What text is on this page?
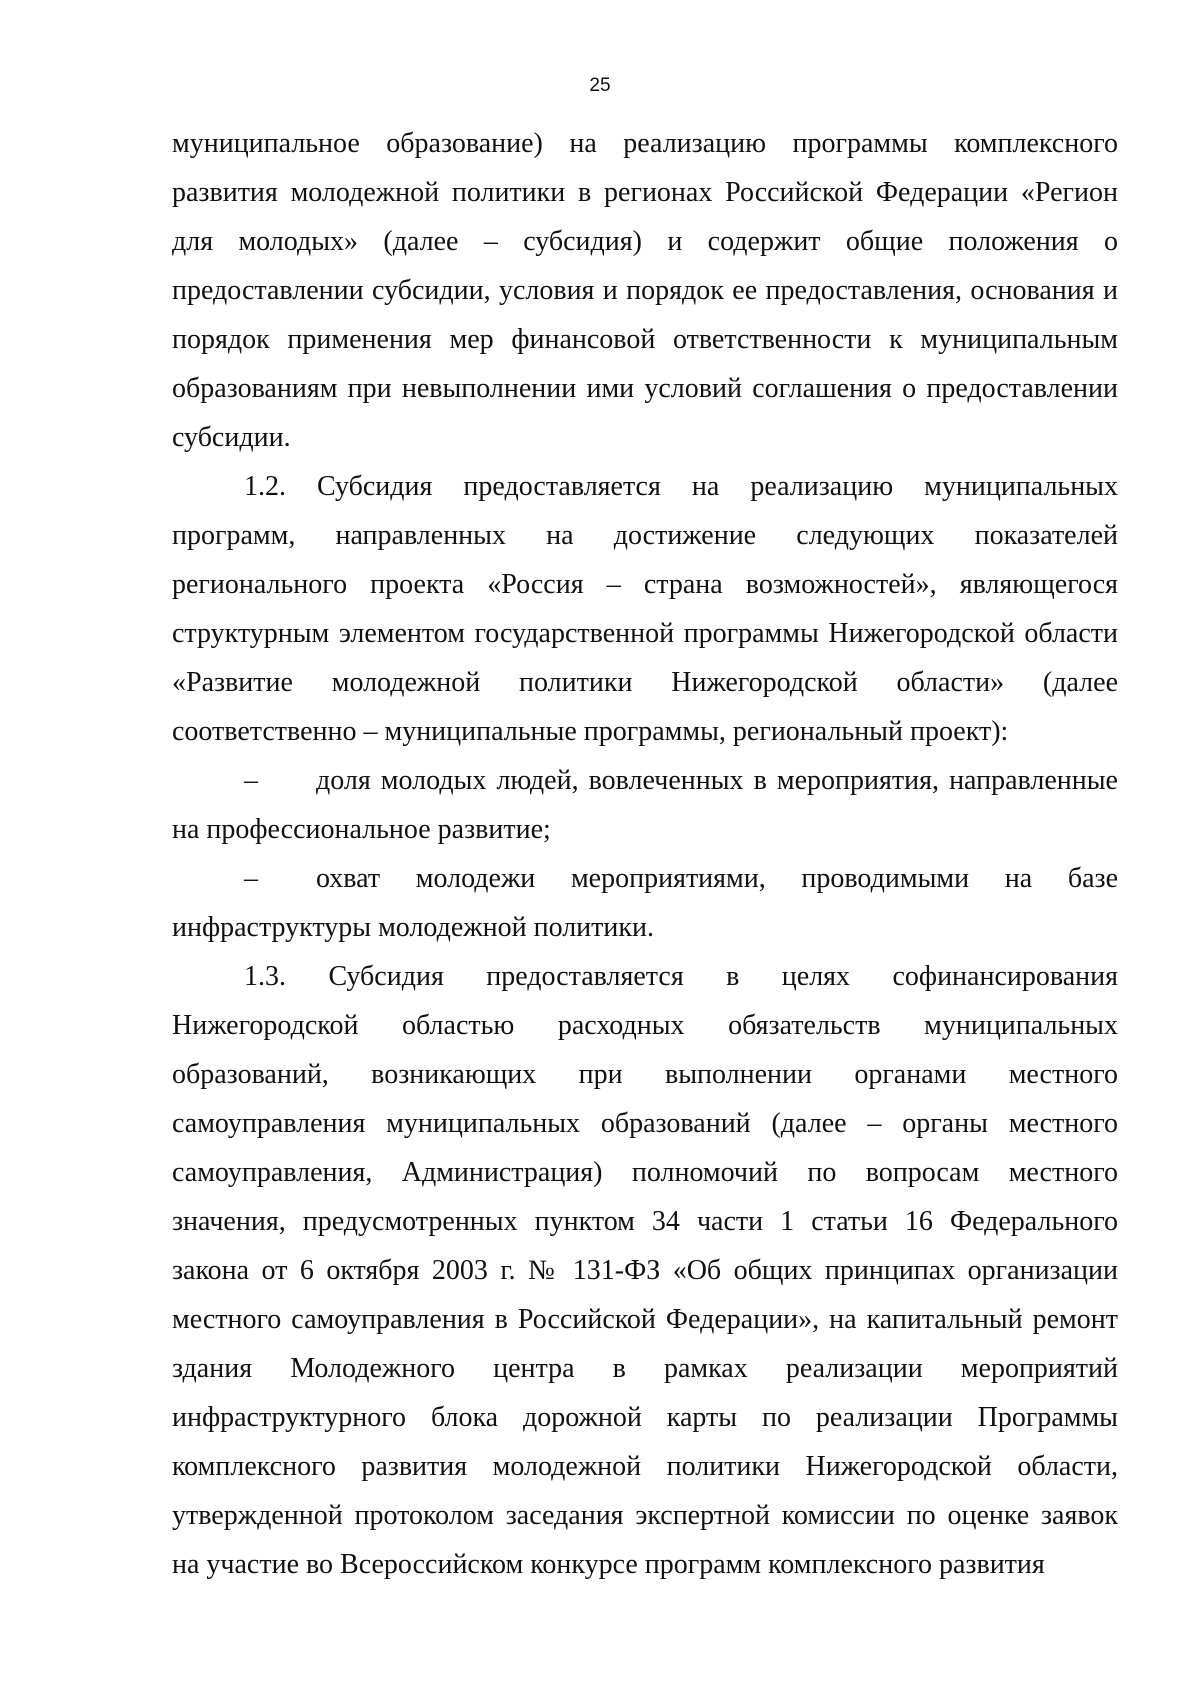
25

муниципальное образование) на реализацию программы комплексного развития молодежной политики в регионах Российской Федерации «Регион для молодых» (далее – субсидия) и содержит общие положения о предоставлении субсидии, условия и порядок ее предоставления, основания и порядок применения мер финансовой ответственности к муниципальным образованиям при невыполнении ими условий соглашения о предоставлении субсидии.

1.2. Субсидия предоставляется на реализацию муниципальных программ, направленных на достижение следующих показателей регионального проекта «Россия – страна возможностей», являющегося структурным элементом государственной программы Нижегородской области «Развитие молодежной политики Нижегородской области» (далее соответственно – муниципальные программы, региональный проект):

– доля молодых людей, вовлеченных в мероприятия, направленные на профессиональное развитие;

– охват молодежи мероприятиями, проводимыми на базе инфраструктуры молодежной политики.

1.3. Субсидия предоставляется в целях софинансирования Нижегородской областью расходных обязательств муниципальных образований, возникающих при выполнении органами местного самоуправления муниципальных образований (далее – органы местного самоуправления, Администрация) полномочий по вопросам местного значения, предусмотренных пунктом 34 части 1 статьи 16 Федерального закона от 6 октября 2003 г. № 131-ФЗ «Об общих принципах организации местного самоуправления в Российской Федерации», на капитальный ремонт здания Молодежного центра в рамках реализации мероприятий инфраструктурного блока дорожной карты по реализации Программы комплексного развития молодежной политики Нижегородской области, утвержденной протоколом заседания экспертной комиссии по оценке заявок на участие во Всероссийском конкурсе программ комплексного развития
